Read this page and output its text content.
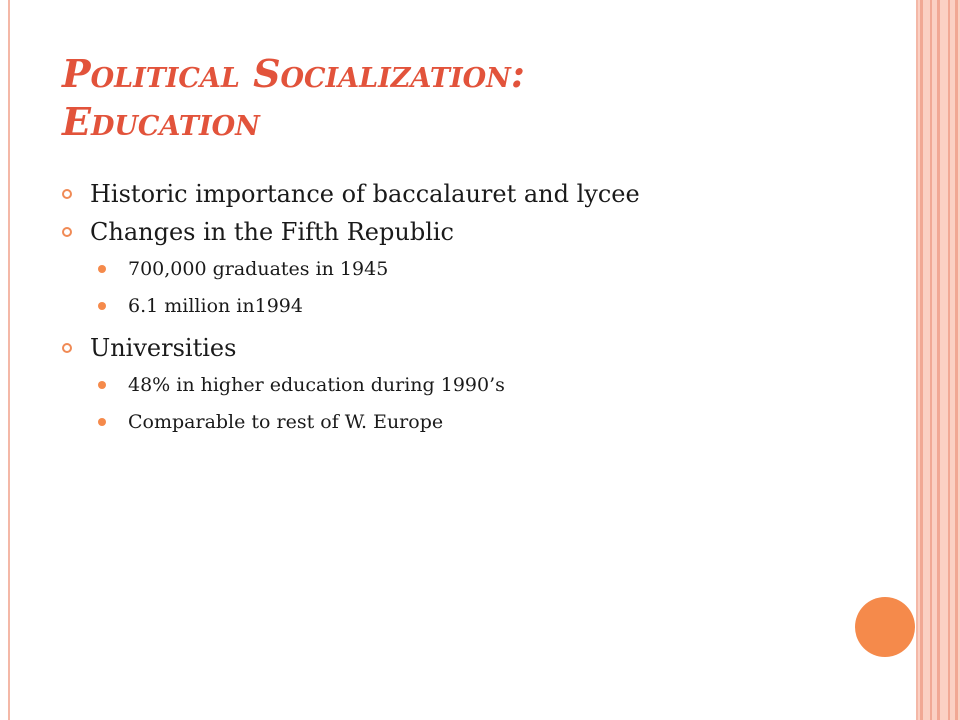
Political Socialization:
Education
Historic importance of baccalauret and lycee
Changes in the Fifth Republic
700,000 graduates in 1945
6.1 million in1994
Universities
48% in higher education during 1990’s
Comparable to rest of W. Europe
